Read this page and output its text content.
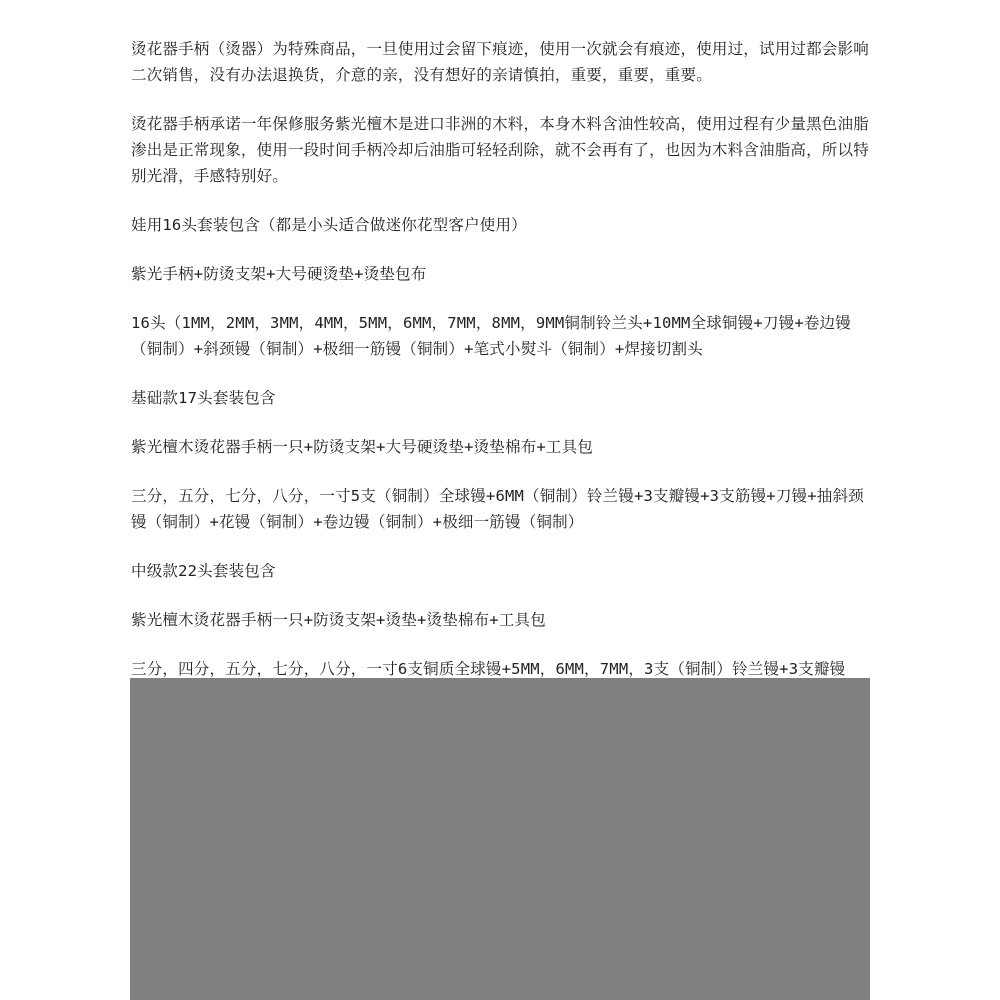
烫花器手柄（烫器）为特殊商品，一旦使用过会留下痕迹，使用一次就会有痕迹，使用过，试用过都会影响二次销售，没有办法退换货，介意的亲，没有想好的亲请慎拍，重要，重要，重要。

烫花器手柄承诺一年保修服务紫光檀木是进口非洲的木料，本身木料含油性较高，使用过程有少量黑色油脂渗出是正常现象，使用一段时间手柄冷却后油脂可轻轻刮除，就不会再有了，也因为木料含油脂高，所以特别光滑，手感特别好。

娃用16头套装包含（都是小头适合做迷你花型客户使用）

紫光手柄+防烫支架+大号硬烫垫+烫垫包布

16头（1MM，2MM，3MM，4MM，5MM，6MM，7MM，8MM，9MM铜制铃兰头+10MM全球铜镘+刀镘+卷边镘（铜制）+斜颈镘（铜制）+极细一筋镘（铜制）+笔式小熨斗（铜制）+焊接切割头

基础款17头套装包含

紫光檀木烫花器手柄一只+防烫支架+大号硬烫垫+烫垫棉布+工具包

三分，五分，七分，八分，一寸5支（铜制）全球镘+6MM（铜制）铃兰镘+3支瓣镘+3支筋镘+刀镘+抽斜颈镘（铜制）+花镘（铜制）+卷边镘（铜制）+极细一筋镘（铜制）

中级款22头套装包含

紫光檀木烫花器手柄一只+防烫支架+烫垫+烫垫棉布+工具包

三分，四分，五分，七分，八分，一寸6支铜质全球镘+5MM，6MM，7MM，3支（铜制）铃兰镘+3支瓣镘
